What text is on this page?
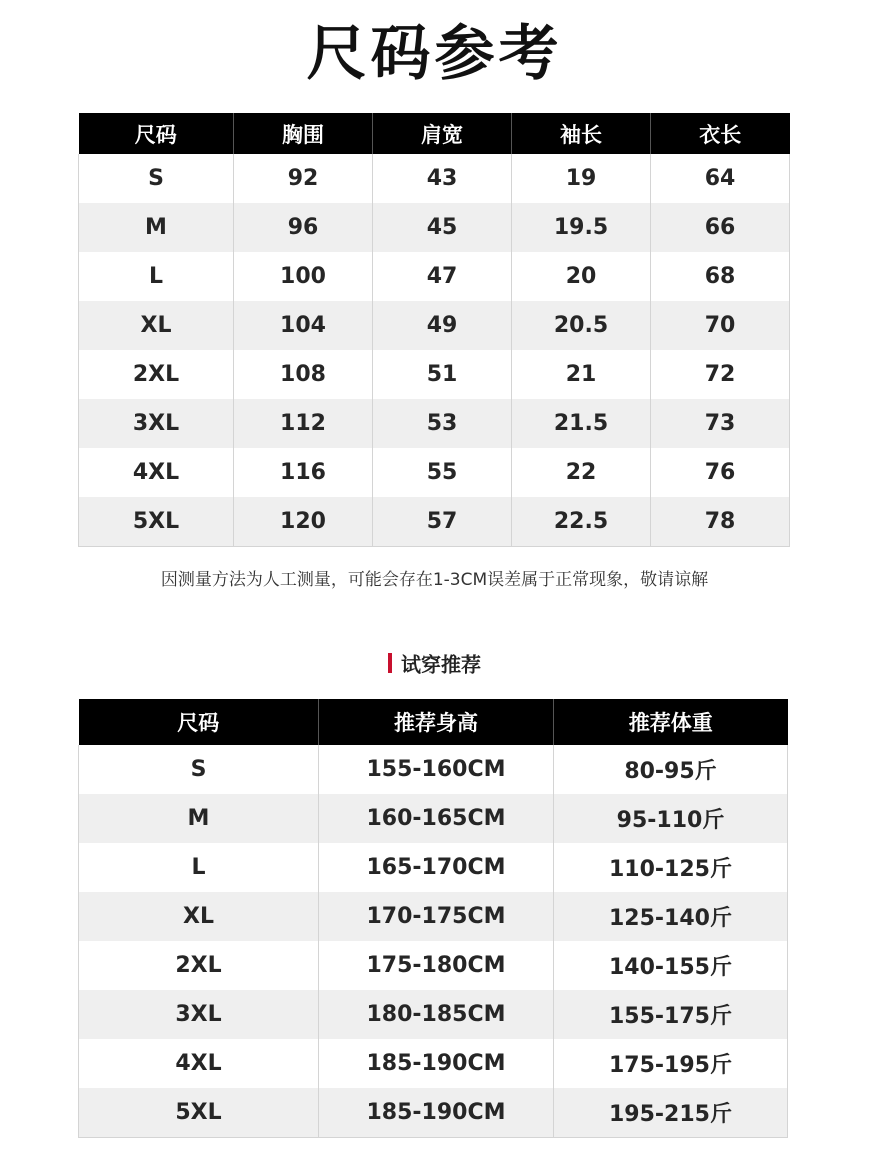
尺码参考
尺码	胸围	肩宽	袖长	衣长
S	92	43	19	64
M	96	45	19.5	66
L	100	47	20	68
XL	104	49	20.5	70
2XL	108	51	21	72
3XL	112	53	21.5	73
4XL	116	55	22	76
5XL	120	57	22.5	78
因测量方法为人工测量，可能会存在1-3CM误差属于正常现象，敬请谅解
试穿推荐
尺码	推荐身高	推荐体重
S	155-160CM	80-95斤
M	160-165CM	95-110斤
L	165-170CM	110-125斤
XL	170-175CM	125-140斤
2XL	175-180CM	140-155斤
3XL	180-185CM	155-175斤
4XL	185-190CM	175-195斤
5XL	185-190CM	195-215斤
